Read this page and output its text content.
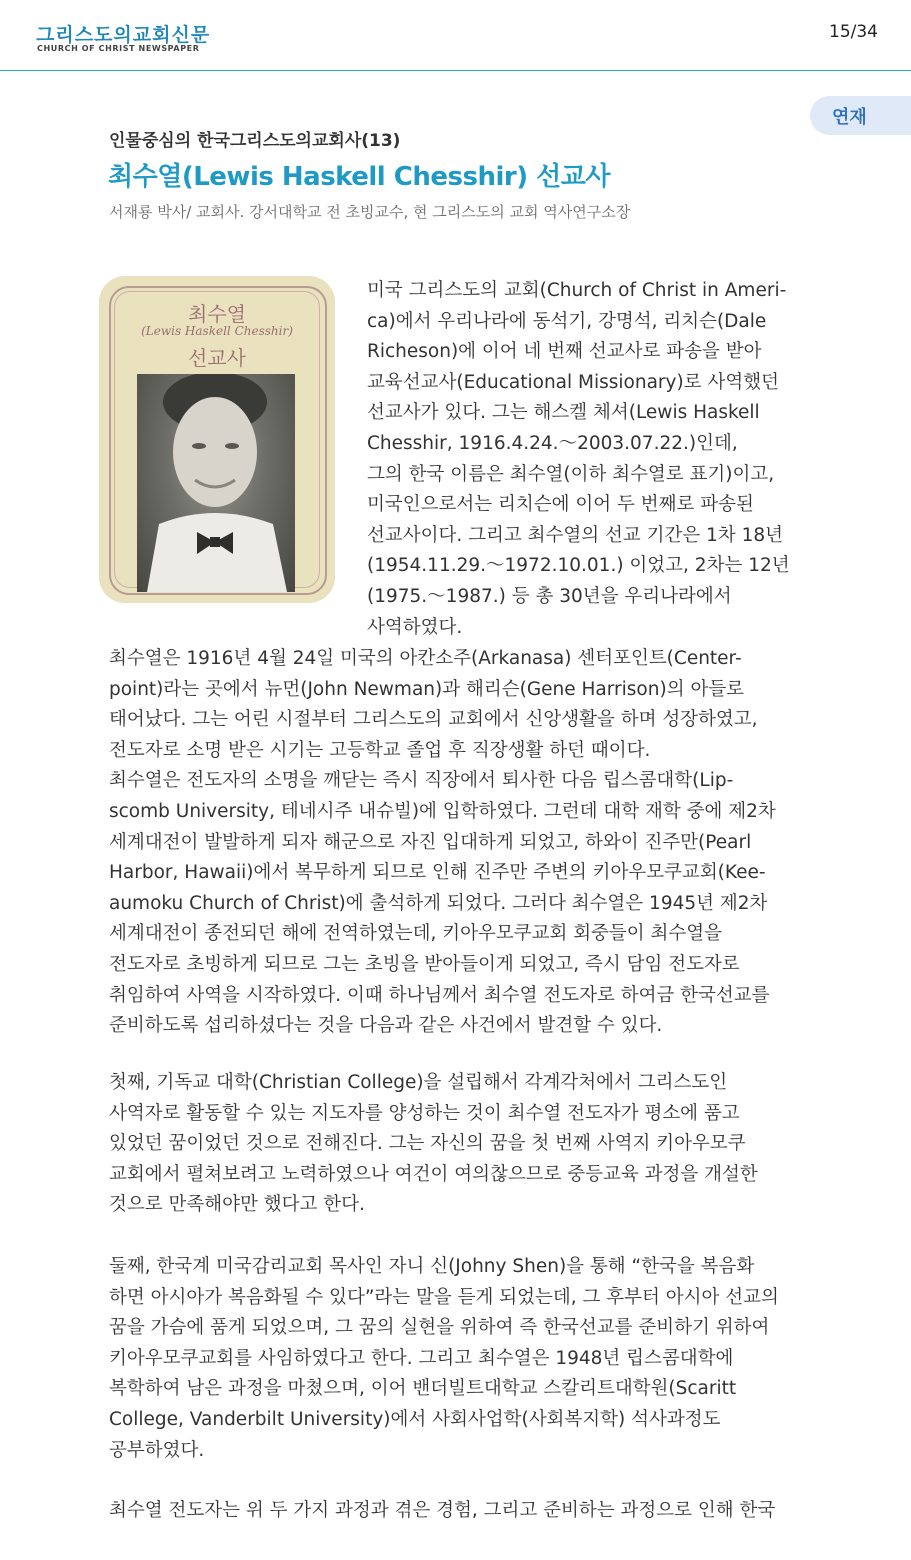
그리스도의교회신문
CHURCH OF CHRIST NEWSPAPER
15/34
연재
인물중심의 한국그리스도의교회사(13)
최수열(Lewis Haskell Chesshir) 선교사
서재룡 박사/ 교회사. 강서대학교 전 초빙교수, 현 그리스도의 교회 역사연구소장
최수열
(Lewis Haskell Chesshir)
선교사
미국 그리스도의 교회(Church of Christ in Ameri-
ca)에서 우리나라에 동석기, 강명석, 리치슨(Dale
Richeson)에 이어 네 번째 선교사로 파송을 받아
교육선교사(Educational Missionary)로 사역했던
선교사가 있다. 그는 해스켈 체셔(Lewis Haskell
Chesshir, 1916.4.24.～2003.07.22.)인데,
그의 한국 이름은 최수열(이하 최수열로 표기)이고,
미국인으로서는 리치슨에 이어 두 번째로 파송된
선교사이다. 그리고 최수열의 선교 기간은 1차 18년
(1954.11.29.～1972.10.01.) 이었고, 2차는 12년
(1975.～1987.) 등 총 30년을 우리나라에서
사역하였다.
최수열은 1916년 4월 24일 미국의 아칸소주(Arkanasa) 센터포인트(Center-
point)라는 곳에서 뉴먼(John Newman)과 해리슨(Gene Harrison)의 아들로
태어났다. 그는 어린 시절부터 그리스도의 교회에서 신앙생활을 하며 성장하였고,
전도자로 소명 받은 시기는 고등학교 졸업 후 직장생활 하던 때이다.
최수열은 전도자의 소명을 깨닫는 즉시 직장에서 퇴사한 다음 립스콤대학(Lip-
scomb University, 테네시주 내슈빌)에 입학하였다. 그런데 대학 재학 중에 제2차
세계대전이 발발하게 되자 해군으로 자진 입대하게 되었고, 하와이 진주만(Pearl
Harbor, Hawaii)에서 복무하게 되므로 인해 진주만 주변의 키아우모쿠교회(Kee-
aumoku Church of Christ)에 출석하게 되었다. 그러다 최수열은 1945년 제2차
세계대전이 종전되던 해에 전역하였는데, 키아우모쿠교회 회중들이 최수열을
전도자로 초빙하게 되므로 그는 초빙을 받아들이게 되었고, 즉시 담임 전도자로
취임하여 사역을 시작하였다. 이때 하나님께서 최수열 전도자로 하여금 한국선교를
준비하도록 섭리하셨다는 것을 다음과 같은 사건에서 발견할 수 있다.
첫째, 기독교 대학(Christian College)을 설립해서 각계각처에서 그리스도인
사역자로 활동할 수 있는 지도자를 양성하는 것이 최수열 전도자가 평소에 품고
있었던 꿈이었던 것으로 전해진다. 그는 자신의 꿈을 첫 번째 사역지 키아우모쿠
교회에서 펼쳐보려고 노력하였으나 여건이 여의찮으므로 중등교육 과정을 개설한
것으로 만족해야만 했다고 한다.
둘째, 한국계 미국감리교회 목사인 자니 신(Johny Shen)을 통해 “한국을 복음화
하면 아시아가 복음화될 수 있다”라는 말을 듣게 되었는데, 그 후부터 아시아 선교의
꿈을 가슴에 품게 되었으며, 그 꿈의 실현을 위하여 즉 한국선교를 준비하기 위하여
키아우모쿠교회를 사임하였다고 한다. 그리고 최수열은 1948년 립스콤대학에
복학하여 남은 과정을 마쳤으며, 이어 밴더빌트대학교 스칼리트대학원(Scaritt
College, Vanderbilt University)에서 사회사업학(사회복지학) 석사과정도
공부하였다.
최수열 전도자는 위 두 가지 과정과 겪은 경험, 그리고 준비하는 과정으로 인해 한국
